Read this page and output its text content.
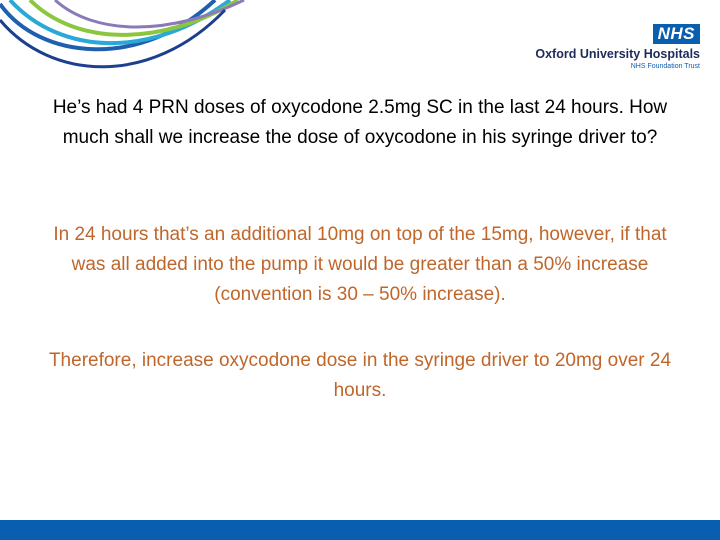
NHS
Oxford University Hospitals
NHS Foundation Trust
He’s had 4 PRN doses of oxycodone 2.5mg SC in the last 24 hours. How much shall we increase the dose of oxycodone in his syringe driver to?
In 24 hours that’s an additional 10mg on top of the 15mg, however, if that was all added into the pump it would be greater than a 50% increase (convention is 30 – 50% increase).
Therefore, increase oxycodone dose in the syringe driver to 20mg over 24 hours.
